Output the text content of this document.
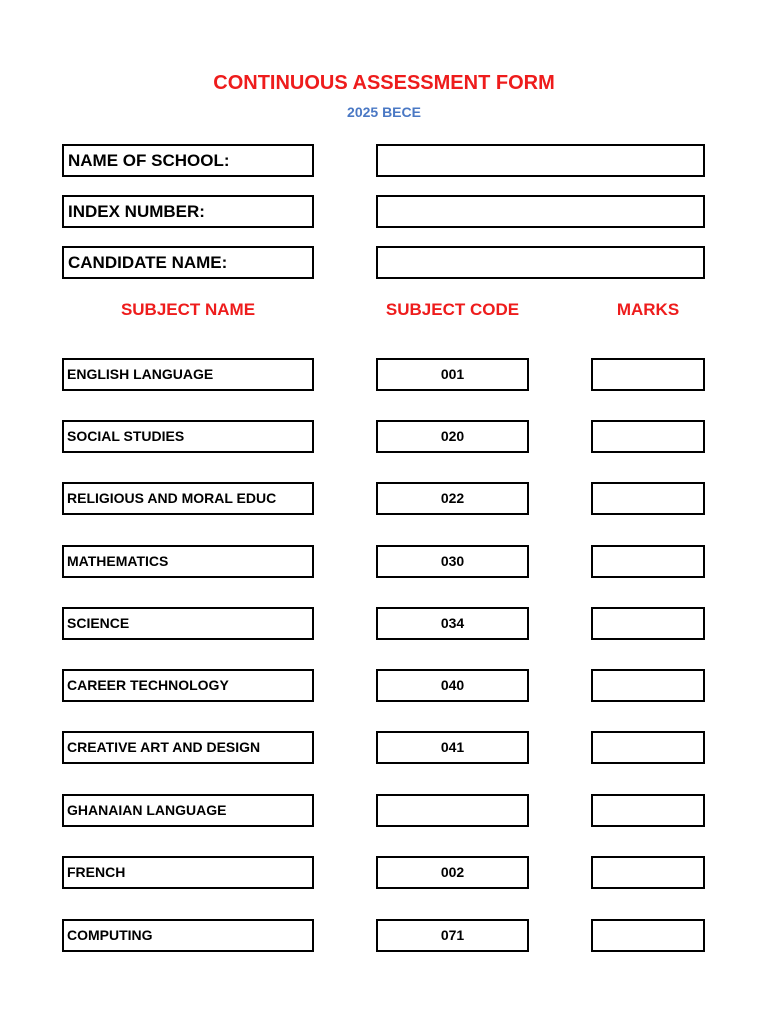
CONTINUOUS ASSESSMENT FORM
2025 BECE
NAME OF SCHOOL:
INDEX NUMBER:
CANDIDATE NAME:
SUBJECT NAME	SUBJECT CODE	MARKS
ENGLISH LANGUAGE	001
SOCIAL STUDIES	020
RELIGIOUS AND MORAL EDUC	022
MATHEMATICS	030
SCIENCE	034
CAREER TECHNOLOGY	040
CREATIVE ART AND DESIGN	041
GHANAIAN LANGUAGE
FRENCH	002
COMPUTING	071
